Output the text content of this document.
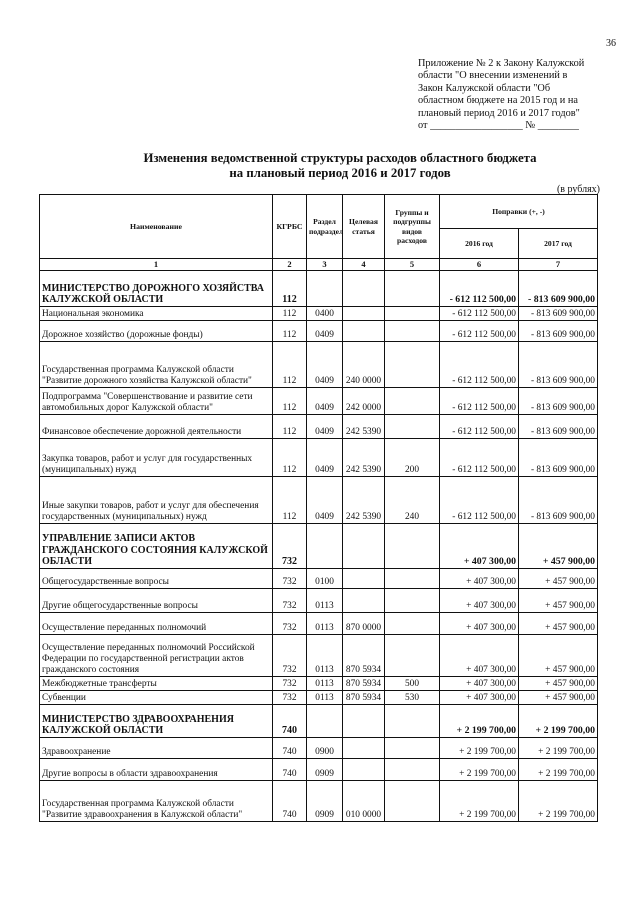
36
Приложение № 2 к Закону Калужской
области "О внесении изменений в
Закон Калужской области "Об
областном бюджете на 2015 год и на
плановый период 2016 и 2017 годов"
от __________________ № ________
Изменения ведомственной структуры расходов областного бюджета
на плановый период 2016 и 2017 годов
(в рублях)
Наименование	КГРБС	Раздел подраздел	Целевая статья	Группы и подгруппы видов расходов	Поправки (+, -)	
					2016 год	2017 год
1	2	3	4	5	6	7
МИНИСТЕРСТВО ДОРОЖНОГО ХОЗЯЙСТВА КАЛУЖСКОЙ ОБЛАСТИ	112				- 612 112 500,00	- 813 609 900,00
Национальная экономика	112	0400			- 612 112 500,00	- 813 609 900,00
Дорожное хозяйство (дорожные фонды)	112	0409			- 612 112 500,00	- 813 609 900,00
Государственная программа Калужской области "Развитие дорожного хозяйства Калужской области"	112	0409	240 0000		- 612 112 500,00	- 813 609 900,00
Подпрограмма "Совершенствование и развитие сети автомобильных дорог Калужской области"	112	0409	242 0000		- 612 112 500,00	- 813 609 900,00
Финансовое обеспечение дорожной деятельности	112	0409	242 5390		- 612 112 500,00	- 813 609 900,00
Закупка товаров, работ и услуг для государственных (муниципальных) нужд	112	0409	242 5390	200	- 612 112 500,00	- 813 609 900,00
Иные закупки товаров, работ и услуг для обеспечения государственных (муниципальных) нужд	112	0409	242 5390	240	- 612 112 500,00	- 813 609 900,00
УПРАВЛЕНИЕ ЗАПИСИ АКТОВ ГРАЖДАНСКОГО СОСТОЯНИЯ КАЛУЖСКОЙ ОБЛАСТИ	732				+ 407 300,00	+ 457 900,00
Общегосударственные вопросы	732	0100			+ 407 300,00	+ 457 900,00
Другие общегосударственные вопросы	732	0113			+ 407 300,00	+ 457 900,00
Осуществление переданных полномочий	732	0113	870 0000		+ 407 300,00	+ 457 900,00
Осуществление переданных полномочий Российской Федерации по государственной регистрации актов гражданского состояния	732	0113	870 5934		+ 407 300,00	+ 457 900,00
Межбюджетные трансферты	732	0113	870 5934	500	+ 407 300,00	+ 457 900,00
Субвенции	732	0113	870 5934	530	+ 407 300,00	+ 457 900,00
МИНИСТЕРСТВО ЗДРАВООХРАНЕНИЯ КАЛУЖСКОЙ ОБЛАСТИ	740				+ 2 199 700,00	+ 2 199 700,00
Здравоохранение	740	0900			+ 2 199 700,00	+ 2 199 700,00
Другие вопросы в области здравоохранения	740	0909			+ 2 199 700,00	+ 2 199 700,00
Государственная программа Калужской области "Развитие здравоохранения в Калужской области"	740	0909	010 0000		+ 2 199 700,00	+ 2 199 700,00
